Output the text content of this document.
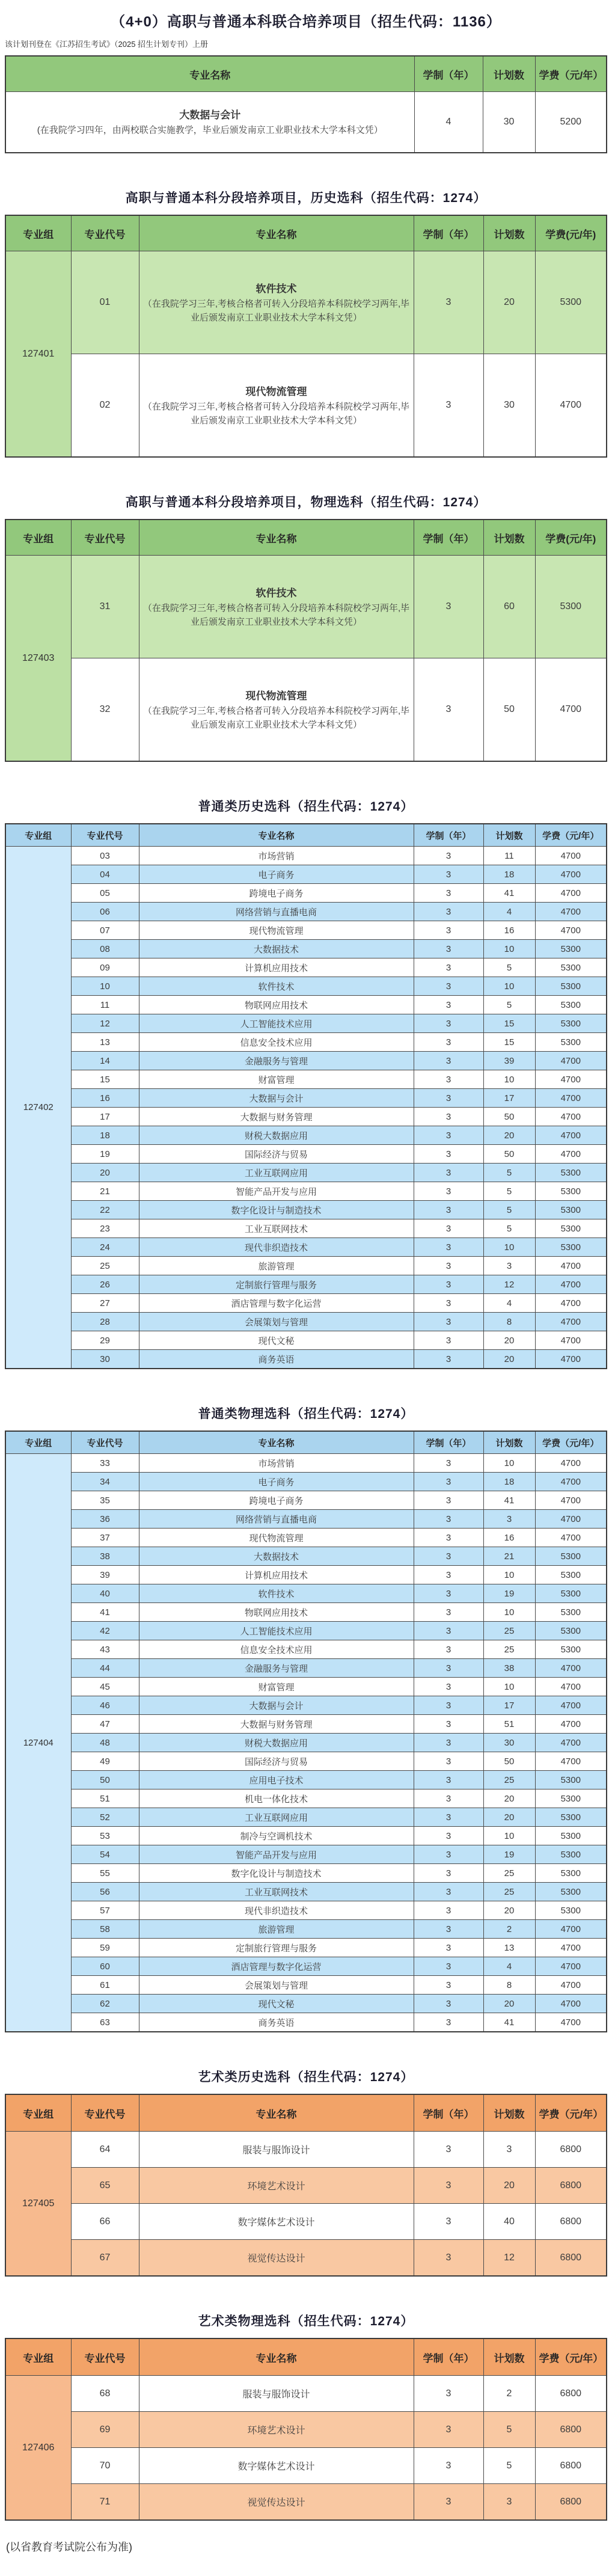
（4+0）高职与普通本科联合培养项目（招生代码：1136）
该计划刊登在《江苏招生考试》（2025 招生计划专刊）上册
专业名称	学制（年）	计划数	学费（元/年）

大数据与会计
(在我院学习四年，由两校联合实施教学，毕业后颁发南京工业职业技术大学本科文凭）	4	30	5200
高职与普通本科分段培养项目，历史选科（招生代码：1274）
专业组	专业代号	专业名称	学制（年）	计划数	学费(元/年)
127401	01	软件技术
（在我院学习三年,考核合格者可转入分段培养本科院校学习两年,毕业后颁发南京工业职业技术大学本科文凭）	3	20	5300
	02	现代物流管理
（在我院学习三年,考核合格者可转入分段培养本科院校学习两年,毕业后颁发南京工业职业技术大学本科文凭）	3	30	4700
高职与普通本科分段培养项目，物理选科（招生代码：1274）
专业组	专业代号	专业名称	学制（年）	计划数	学费(元/年)
127403	31	软件技术
（在我院学习三年,考核合格者可转入分段培养本科院校学习两年,毕业后颁发南京工业职业技术大学本科文凭）	3	60	5300
	32	现代物流管理
（在我院学习三年,考核合格者可转入分段培养本科院校学习两年,毕业后颁发南京工业职业技术大学本科文凭）	3	50	4700
普通类历史选科（招生代码：1274）
专业组	专业代号	专业名称	学制（年）	计划数	学费（元/年）
127402	03	市场营销	3	11	4700
	04	电子商务	3	18	4700
	05	跨境电子商务	3	41	4700
	06	网络营销与直播电商	3	4	4700
	07	现代物流管理	3	16	4700
	08	大数据技术	3	10	5300
	09	计算机应用技术	3	5	5300
	10	软件技术	3	10	5300
	11	物联网应用技术	3	5	5300
	12	人工智能技术应用	3	15	5300
	13	信息安全技术应用	3	15	5300
	14	金融服务与管理	3	39	4700
	15	财富管理	3	10	4700
	16	大数据与会计	3	17	4700
	17	大数据与财务管理	3	50	4700
	18	财税大数据应用	3	20	4700
	19	国际经济与贸易	3	50	4700
	20	工业互联网应用	3	5	5300
	21	智能产品开发与应用	3	5	5300
	22	数字化设计与制造技术	3	5	5300
	23	工业互联网技术	3	5	5300
	24	现代非织造技术	3	10	5300
	25	旅游管理	3	3	4700
	26	定制旅行管理与服务	3	12	4700
	27	酒店管理与数字化运营	3	4	4700
	28	会展策划与管理	3	8	4700
	29	现代文秘	3	20	4700
	30	商务英语	3	20	4700
普通类物理选科（招生代码：1274）
专业组	专业代号	专业名称	学制（年）	计划数	学费（元/年）
127404	33	市场营销	3	10	4700
	34	电子商务	3	18	4700
	35	跨境电子商务	3	41	4700
	36	网络营销与直播电商	3	3	4700
	37	现代物流管理	3	16	4700
	38	大数据技术	3	21	5300
	39	计算机应用技术	3	10	5300
	40	软件技术	3	19	5300
	41	物联网应用技术	3	10	5300
	42	人工智能技术应用	3	25	5300
	43	信息安全技术应用	3	25	5300
	44	金融服务与管理	3	38	4700
	45	财富管理	3	10	4700
	46	大数据与会计	3	17	4700
	47	大数据与财务管理	3	51	4700
	48	财税大数据应用	3	30	4700
	49	国际经济与贸易	3	50	4700
	50	应用电子技术	3	25	5300
	51	机电一体化技术	3	20	5300
	52	工业互联网应用	3	20	5300
	53	制冷与空调机技术	3	10	5300
	54	智能产品开发与应用	3	19	5300
	55	数字化设计与制造技术	3	25	5300
	56	工业互联网技术	3	25	5300
	57	现代非织造技术	3	20	5300
	58	旅游管理	3	2	4700
	59	定制旅行管理与服务	3	13	4700
	60	酒店管理与数字化运营	3	4	4700
	61	会展策划与管理	3	8	4700
	62	现代文秘	3	20	4700
	63	商务英语	3	41	4700
艺术类历史选科（招生代码：1274）
专业组	专业代号	专业名称	学制（年）	计划数	学费（元/年）
127405	64	服装与服饰设计	3	3	6800
	65	环境艺术设计	3	20	6800
	66	数字媒体艺术设计	3	40	6800
	67	视觉传达设计	3	12	6800
艺术类物理选科（招生代码：1274）
专业组	专业代号	专业名称	学制（年）	计划数	学费（元/年）
127406	68	服装与服饰设计	3	2	6800
	69	环境艺术设计	3	5	6800
	70	数字媒体艺术设计	3	5	6800
	71	视觉传达设计	3	3	6800
(以省教育考试院公布为准)
